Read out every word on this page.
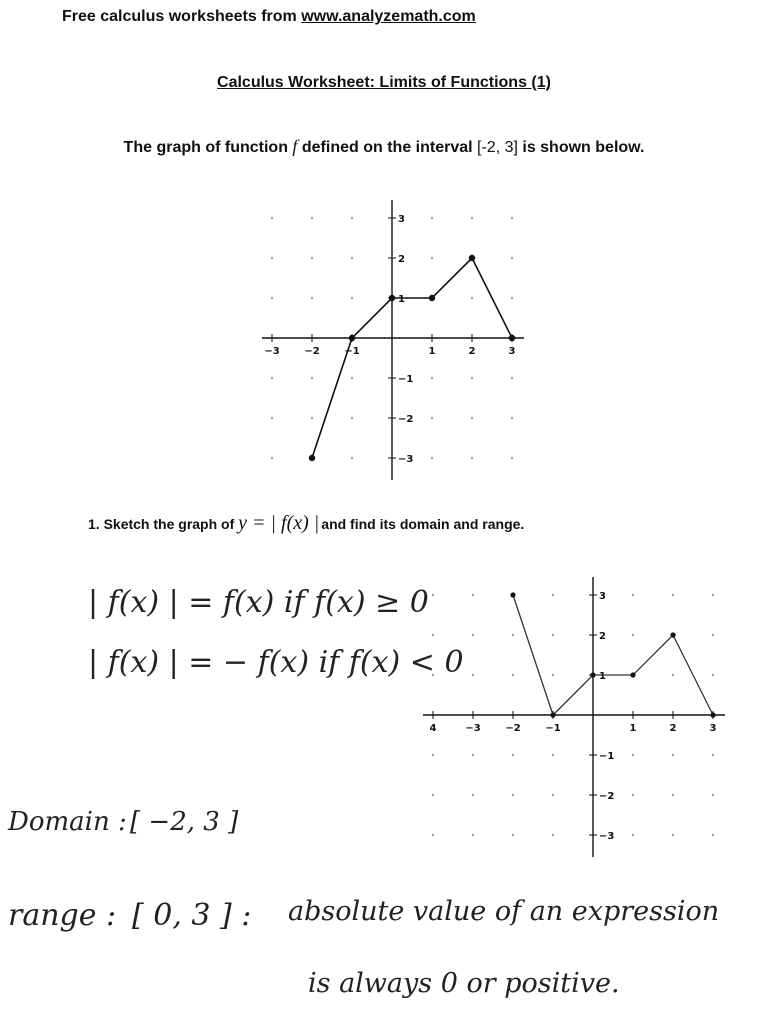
Free calculus worksheets from www.analyzemath.com
Calculus Worksheet: Limits of Functions (1)
The graph of function f defined on the interval [-2, 3] is shown below.
−3 −2 −1	1	2	3
3
2
1
−1
−2
−3
1. Sketch the graph of y = | f(x) | and find its domain and range.
4	−3 −2 −1	1	2	3
3
2
1
−1
−2
−3
| f(x) | = f(x) if f(x) ≥ 0
| f(x) | = − f(x) if f(x) < 0
Domain : [ −2, 3 ]
range : [ 0, 3 ] : absolute value of an expression
is always 0 or positive.
